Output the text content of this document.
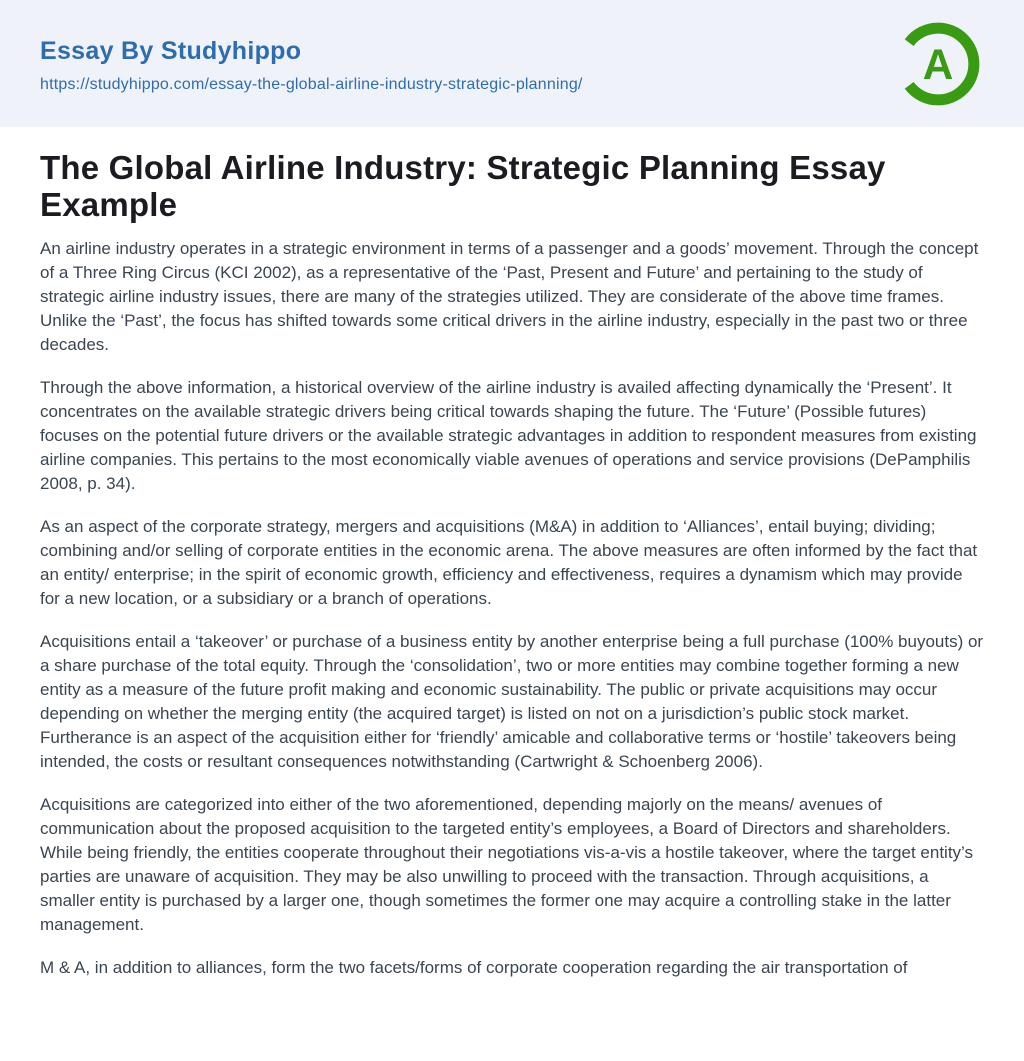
Essay By Studyhippo
https://studyhippo.com/essay-the-global-airline-industry-strategic-planning/	A
The Global Airline Industry: Strategic Planning Essay Example

An airline industry operates in a strategic environment in terms of a passenger and a goods’ movement. Through the concept of a Three Ring Circus (KCI 2002), as a representative of the ‘Past, Present and Future’ and pertaining to the study of strategic airline industry issues, there are many of the strategies utilized. They are considerate of the above time frames. Unlike the ‘Past’, the focus has shifted towards some critical drivers in the airline industry, especially in the past two or three decades.

Through the above information, a historical overview of the airline industry is availed affecting dynamically the ‘Present’. It concentrates on the available strategic drivers being critical towards shaping the future. The ‘Future’ (Possible futures) focuses on the potential future drivers or the available strategic advantages in addition to respondent measures from existing airline companies. This pertains to the most economically viable avenues of operations and service provisions (DePamphilis 2008, p. 34).

As an aspect of the corporate strategy, mergers and acquisitions (M&A) in addition to ‘Alliances’, entail buying; dividing; combining and/or selling of corporate entities in the economic arena. The above measures are often informed by the fact that an entity/ enterprise; in the spirit of economic growth, efficiency and effectiveness, requires a dynamism which may provide for a new location, or a subsidiary or a branch of operations.

Acquisitions entail a ‘takeover’ or purchase of a business entity by another enterprise being a full purchase (100% buyouts) or a share purchase of the total equity. Through the ‘consolidation’, two or more entities may combine together forming a new entity as a measure of the future profit making and economic sustainability. The public or private acquisitions may occur depending on whether the merging entity (the acquired target) is listed on not on a jurisdiction’s public stock market. Furtherance is an aspect of the acquisition either for ‘friendly’ amicable and collaborative terms or ‘hostile’ takeovers being intended, the costs or resultant consequences notwithstanding (Cartwright & Schoenberg 2006).

Acquisitions are categorized into either of the two aforementioned, depending majorly on the means/ avenues of communication about the proposed acquisition to the targeted entity’s employees, a Board of Directors and shareholders. While being friendly, the entities cooperate throughout their negotiations vis-a-vis a hostile takeover, where the target entity’s parties are unaware of acquisition. They may be also unwilling to proceed with the transaction. Through acquisitions, a smaller entity is purchased by a larger one, though sometimes the former one may acquire a controlling stake in the latter management.

M & A, in addition to alliances, form the two facets/forms of corporate cooperation regarding the air transportation of
